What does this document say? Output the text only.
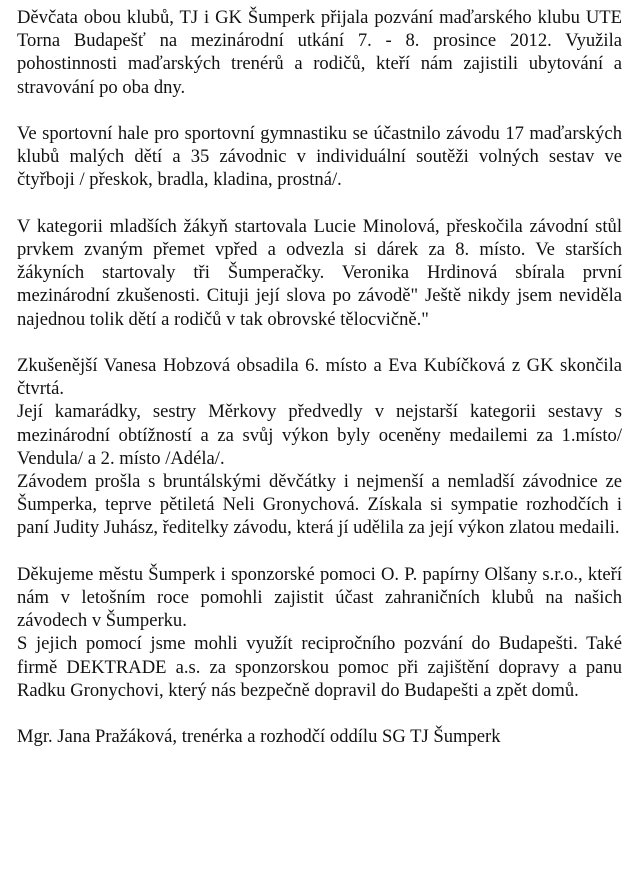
Děvčata obou klubů, TJ i GK Šumperk přijala pozvání maďarského klubu UTE Torna Budapešť na mezinárodní utkání 7. - 8. prosince 2012. Využila pohostinnosti maďarských trenérů a rodičů, kteří nám zajistili ubytování a stravování po oba dny.

Ve sportovní hale pro sportovní gymnastiku se účastnilo závodu 17 maďarských klubů malých dětí a 35 závodnic v individuální soutěži volných sestav ve čtyřboji / přeskok, bradla, kladina, prostná/.

V kategorii mladších žákyň startovala Lucie Minolová, přeskočila závodní stůl prvkem zvaným přemet vpřed a odvezla si dárek za 8. místo. Ve starších žákyních startovaly tři Šumperačky. Veronika Hrdinová sbírala první mezinárodní zkušenosti. Cituji její slova po závodě" Ještě nikdy jsem neviděla najednou tolik dětí a rodičů v tak obrovské tělocvičně."

Zkušenější Vanesa Hobzová obsadila 6. místo a Eva Kubíčková z GK skončila čtvrtá.

Její kamarádky, sestry Měrkovy předvedly v nejstarší kategorii sestavy s mezinárodní obtížností a za svůj výkon byly oceněny medailemi za 1.místo/ Vendula/ a 2. místo /Adéla/.

Závodem prošla s bruntálskými děvčátky i nejmenší a nemladší závodnice ze Šumperka, teprve pětiletá Neli Gronychová. Získala si sympatie rozhodčích i paní Judity Juhász, ředitelky závodu, která jí udělila za její výkon zlatou medaili.

Děkujeme městu Šumperk i sponzorské pomoci O. P. papírny Olšany s.r.o., kteří nám v letošním roce pomohli zajistit účast zahraničních klubů na našich závodech v Šumperku.

S jejich pomocí jsme mohli využít recipročního pozvání do Budapešti. Také firmě DEKTRADE a.s. za sponzorskou pomoc při zajištění dopravy a panu Radku Gronychovi, který nás bezpečně dopravil do Budapešti a zpět domů.

Mgr. Jana Pražáková, trenérka a rozhodčí oddílu SG TJ Šumperk
